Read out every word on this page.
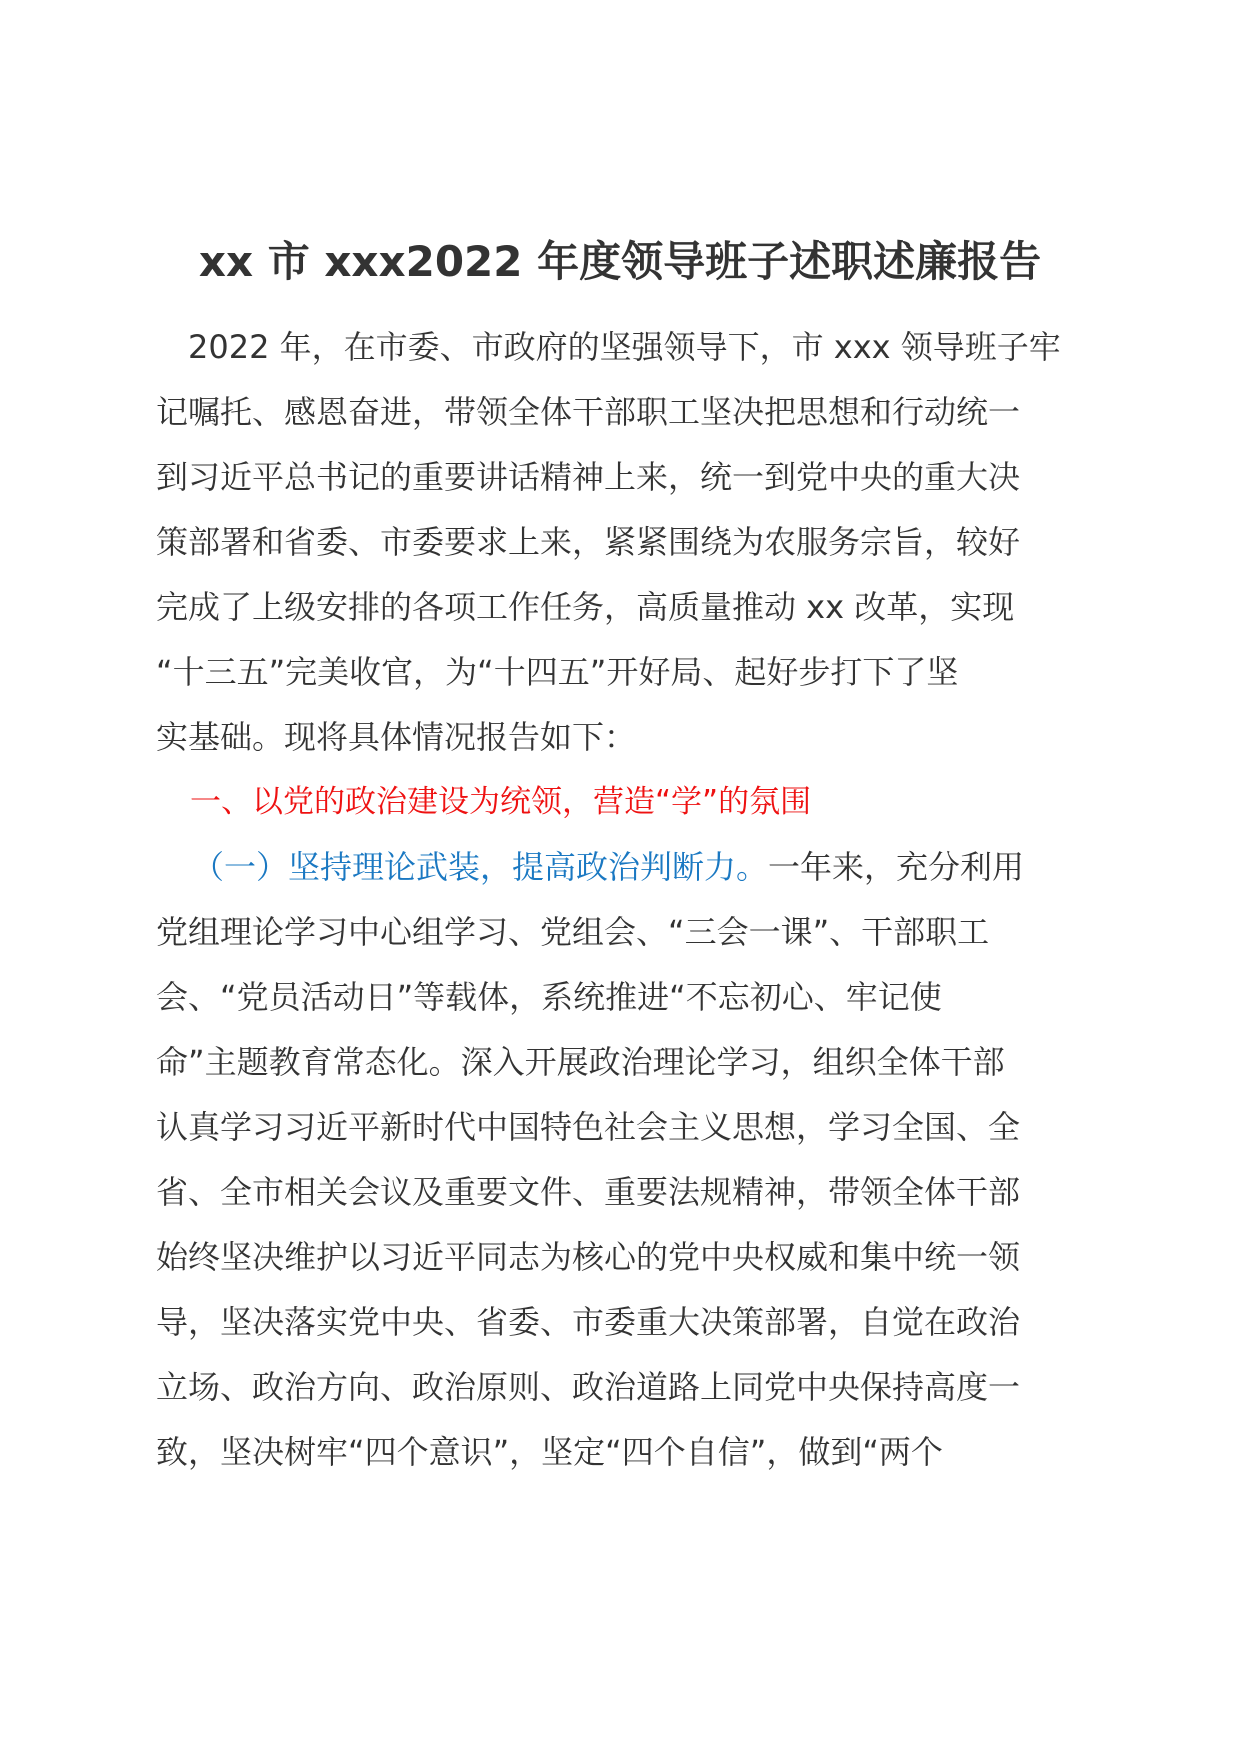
xx 市 xxx2022 年度领导班子述职述廉报告
2022 年，在市委、市政府的坚强领导下，市 xxx 领导班子牢
记嘱托、感恩奋进，带领全体干部职工坚决把思想和行动统一
到习近平总书记的重要讲话精神上来，统一到党中央的重大决
策部署和省委、市委要求上来，紧紧围绕为农服务宗旨，较好
完成了上级安排的各项工作任务，高质量推动 xx 改革，实现
“十三五”完美收官，为“十四五”开好局、起好步打下了坚
实基础。现将具体情况报告如下：
一、以党的政治建设为统领，营造“学”的氛围
（一）坚持理论武装，提高政治判断力。一年来，充分利用
党组理论学习中心组学习、党组会、“三会一课”、干部职工
会、“党员活动日”等载体，系统推进“不忘初心、牢记使
命”主题教育常态化。深入开展政治理论学习，组织全体干部
认真学习习近平新时代中国特色社会主义思想，学习全国、全
省、全市相关会议及重要文件、重要法规精神，带领全体干部
始终坚决维护以习近平同志为核心的党中央权威和集中统一领
导，坚决落实党中央、省委、市委重大决策部署，自觉在政治
立场、政治方向、政治原则、政治道路上同党中央保持高度一
致，坚决树牢“四个意识”，坚定“四个自信”，做到“两个
